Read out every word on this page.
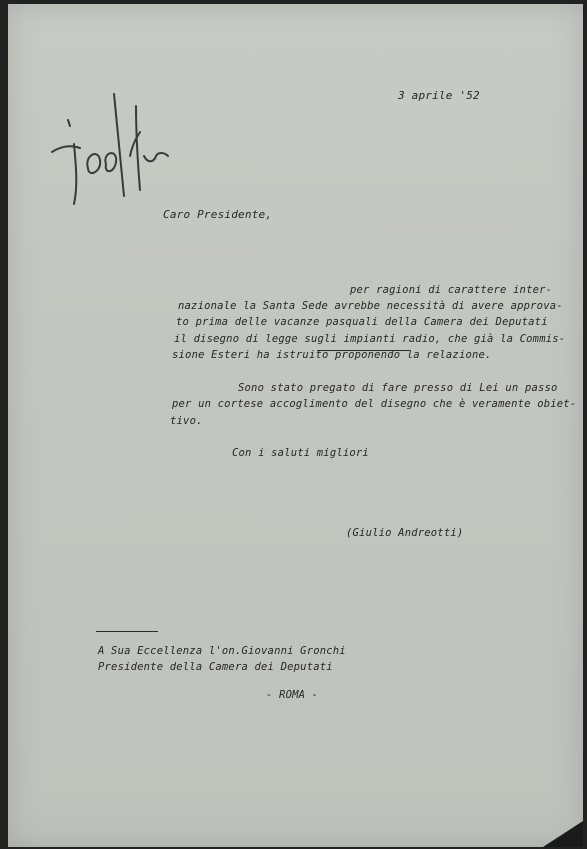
3 aprile '52
Caro Presidente,
per ragioni di carattere inter-
nazionale la Santa Sede avrebbe necessità di avere approva-
to prima delle vacanze pasquali della Camera dei Deputati
il disegno di legge sugli impianti radio, che già la Commis-
sione Esteri ha istruito proponendo la relazione.
Sono stato pregato di fare presso di Lei un passo
per un cortese accoglimento del disegno che è veramente obiet-
tivo.
Con i saluti migliori
(Giulio Andreotti)
A Sua Eccellenza l'on.Giovanni Gronchi
Presidente della Camera dei Deputati
- ROMA -
